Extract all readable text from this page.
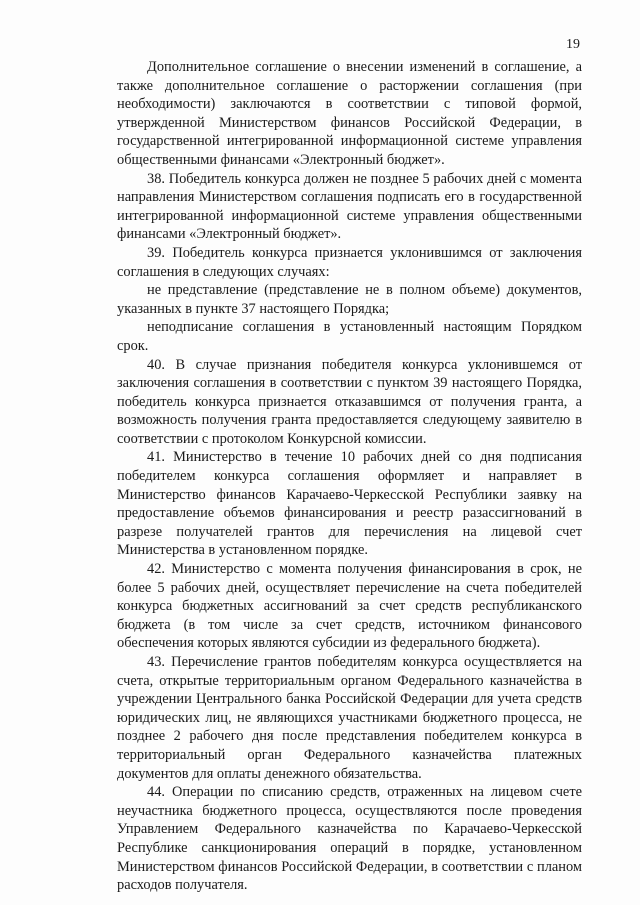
19

Дополнительное соглашение о внесении изменений в соглашение, а также дополнительное соглашение о расторжении соглашения (при необходимости) заключаются в соответствии с типовой формой, утвержденной Министерством финансов Российской Федерации, в государственной интегрированной информационной системе управления общественными финансами «Электронный бюджет».

38. Победитель конкурса должен не позднее 5 рабочих дней с момента направления Министерством соглашения подписать его в государственной интегрированной информационной системе управления общественными финансами «Электронный бюджет».

39. Победитель конкурса признается уклонившимся от заключения соглашения в следующих случаях:

не представление (представление не в полном объеме) документов, указанных в пункте 37 настоящего Порядка;

неподписание соглашения в установленный настоящим Порядком срок.

40. В случае признания победителя конкурса уклонившемся от заключения соглашения в соответствии с пунктом 39 настоящего Порядка, победитель конкурса признается отказавшимся от получения гранта, а возможность получения гранта предоставляется следующему заявителю в соответствии с протоколом Конкурсной комиссии.

41. Министерство в течение 10 рабочих дней со дня подписания победителем конкурса соглашения оформляет и направляет в Министерство финансов Карачаево-Черкесской Республики заявку на предоставление объемов финансирования и реестр разассигнований в разрезе получателей грантов для перечисления на лицевой счет Министерства в установленном порядке.

42. Министерство с момента получения финансирования в срок, не более 5 рабочих дней, осуществляет перечисление на счета победителей конкурса бюджетных ассигнований за счет средств республиканского бюджета (в том числе за счет средств, источником финансового обеспечения которых являются субсидии из федерального бюджета).

43. Перечисление грантов победителям конкурса осуществляется на счета, открытые территориальным органом Федерального казначейства в учреждении Центрального банка Российской Федерации для учета средств юридических лиц, не являющихся участниками бюджетного процесса, не позднее 2 рабочего дня после представления победителем конкурса в территориальный орган Федерального казначейства платежных документов для оплаты денежного обязательства.

44. Операции по списанию средств, отраженных на лицевом счете неучастника бюджетного процесса, осуществляются после проведения Управлением Федерального казначейства по Карачаево-Черкесской Республике санкционирования операций в порядке, установленном Министерством финансов Российской Федерации, в соответствии с планом расходов получателя.
